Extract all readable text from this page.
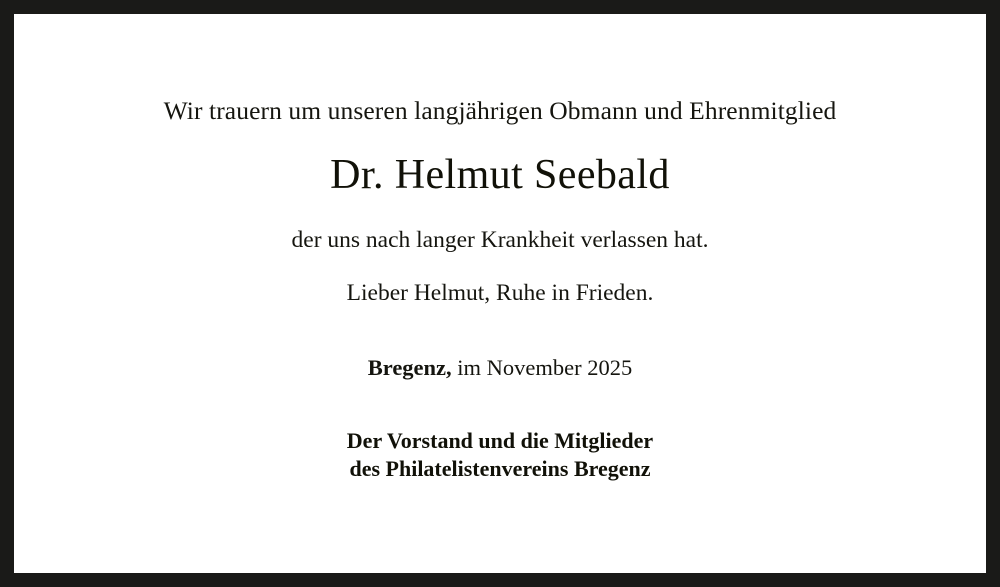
Wir trauern um unseren langjährigen Obmann und Ehrenmitglied
Dr. Helmut Seebald
der uns nach langer Krankheit verlassen hat.
Lieber Helmut, Ruhe in Frieden.
Bregenz, im November 2025
Der Vorstand und die Mitglieder
des Philatelistenvereins Bregenz
